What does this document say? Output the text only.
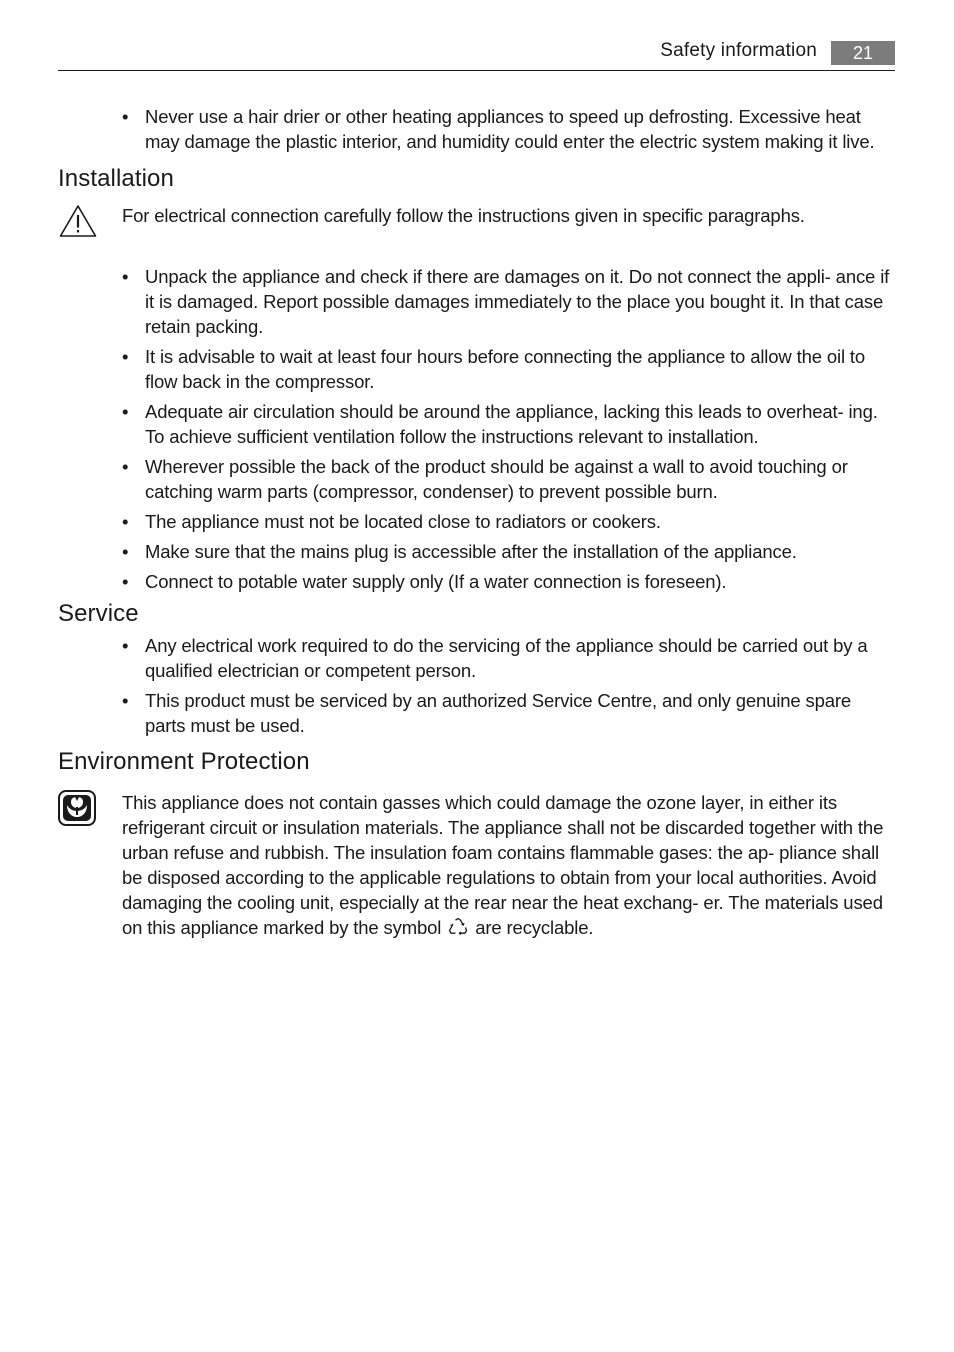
Safety information	21
• Never use a hair drier or other heating appliances to speed up defrosting. Excessive heat may damage the plastic interior, and humidity could enter the electric system making it live.
Installation
For electrical connection carefully follow the instructions given in specific paragraphs.
• Unpack the appliance and check if there are damages on it. Do not connect the appli- ance if it is damaged. Report possible damages immediately to the place you bought it. In that case retain packing.
• It is advisable to wait at least four hours before connecting the appliance to allow the oil to flow back in the compressor.
• Adequate air circulation should be around the appliance, lacking this leads to overheat- ing. To achieve sufficient ventilation follow the instructions relevant to installation.
• Wherever possible the back of the product should be against a wall to avoid touching or catching warm parts (compressor, condenser) to prevent possible burn.
• The appliance must not be located close to radiators or cookers.
• Make sure that the mains plug is accessible after the installation of the appliance.
• Connect to potable water supply only (If a water connection is foreseen).
Service
• Any electrical work required to do the servicing of the appliance should be carried out by a qualified electrician or competent person.
• This product must be serviced by an authorized Service Centre, and only genuine spare parts must be used.
Environment Protection
This appliance does not contain gasses which could damage the ozone layer, in either its refrigerant circuit or insulation materials. The appliance shall not be discarded together with the urban refuse and rubbish. The insulation foam contains flammable gases: the ap- pliance shall be disposed according to the applicable regulations to obtain from your local authorities. Avoid damaging the cooling unit, especially at the rear near the heat exchang- er. The materials used on this appliance marked by the symbol are recyclable.
